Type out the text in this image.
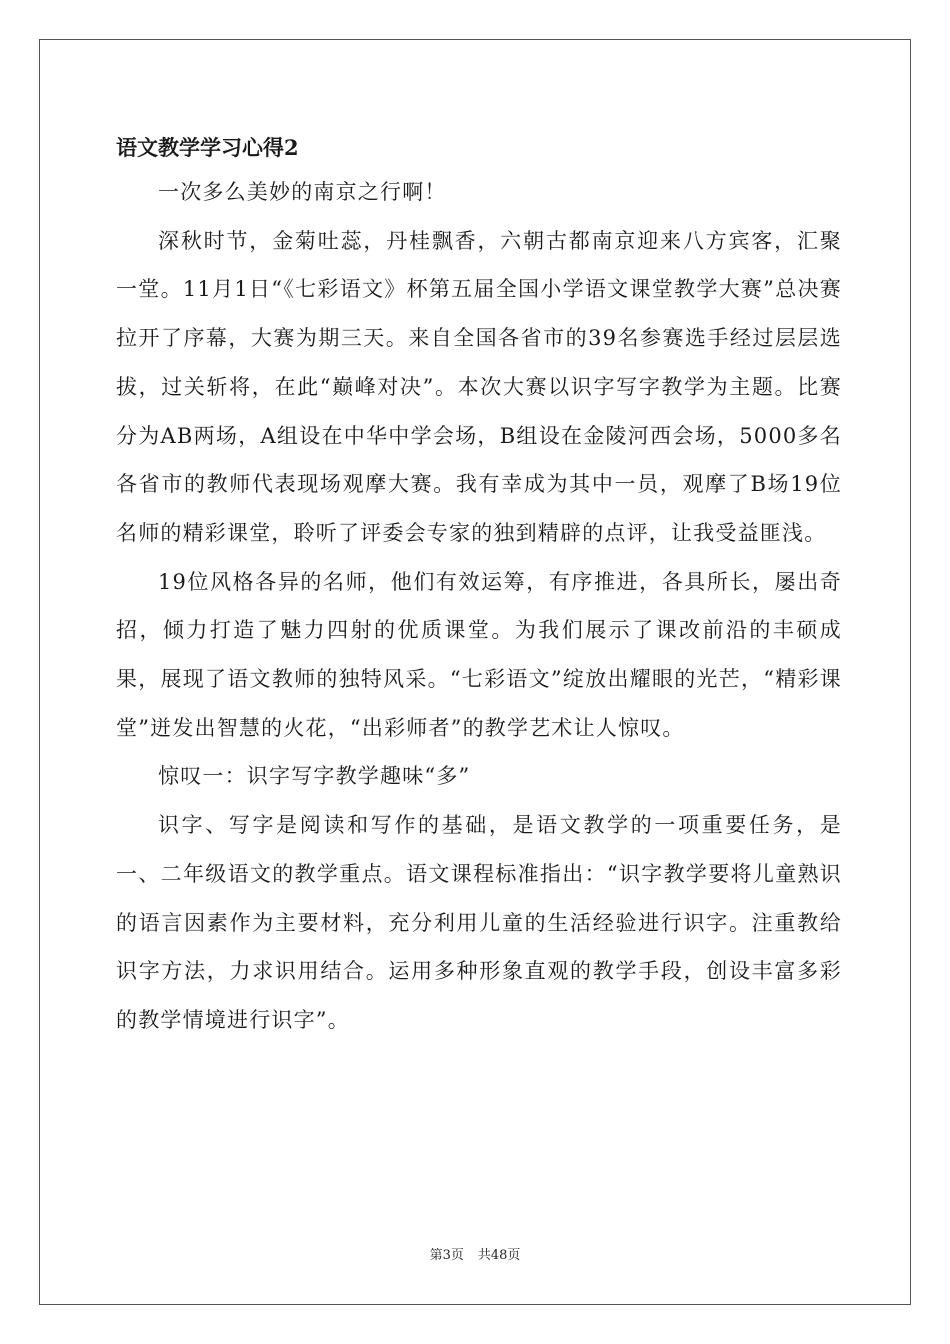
语文教学学习心得2

一次多么美妙的南京之行啊！

深秋时节，金菊吐蕊，丹桂飘香，六朝古都南京迎来八方宾客，汇聚一堂。11月1日“《七彩语文》杯第五届全国小学语文课堂教学大赛”总决赛拉开了序幕，大赛为期三天。来自全国各省市的39名参赛选手经过层层选拔，过关斩将，在此“巅峰对决”。本次大赛以识字写字教学为主题。比赛分为AB两场，A组设在中华中学会场，B组设在金陵河西会场，5000多名各省市的教师代表现场观摩大赛。我有幸成为其中一员，观摩了B场19位名师的精彩课堂，聆听了评委会专家的独到精辟的点评，让我受益匪浅。

19位风格各异的名师，他们有效运筹，有序推进，各具所长，屡出奇招，倾力打造了魅力四射的优质课堂。为我们展示了课改前沿的丰硕成果，展现了语文教师的独特风采。“七彩语文”绽放出耀眼的光芒，“精彩课堂”迸发出智慧的火花，“出彩师者”的教学艺术让人惊叹。

惊叹一：识字写字教学趣味“多”

识字、写字是阅读和写作的基础，是语文教学的一项重要任务，是一、二年级语文的教学重点。语文课程标准指出：“识字教学要将儿童熟识的语言因素作为主要材料，充分利用儿童的生活经验进行识字。注重教给识字方法，力求识用结合。运用多种形象直观的教学手段，创设丰富多彩的教学情境进行识字”。

第3页 共48页
